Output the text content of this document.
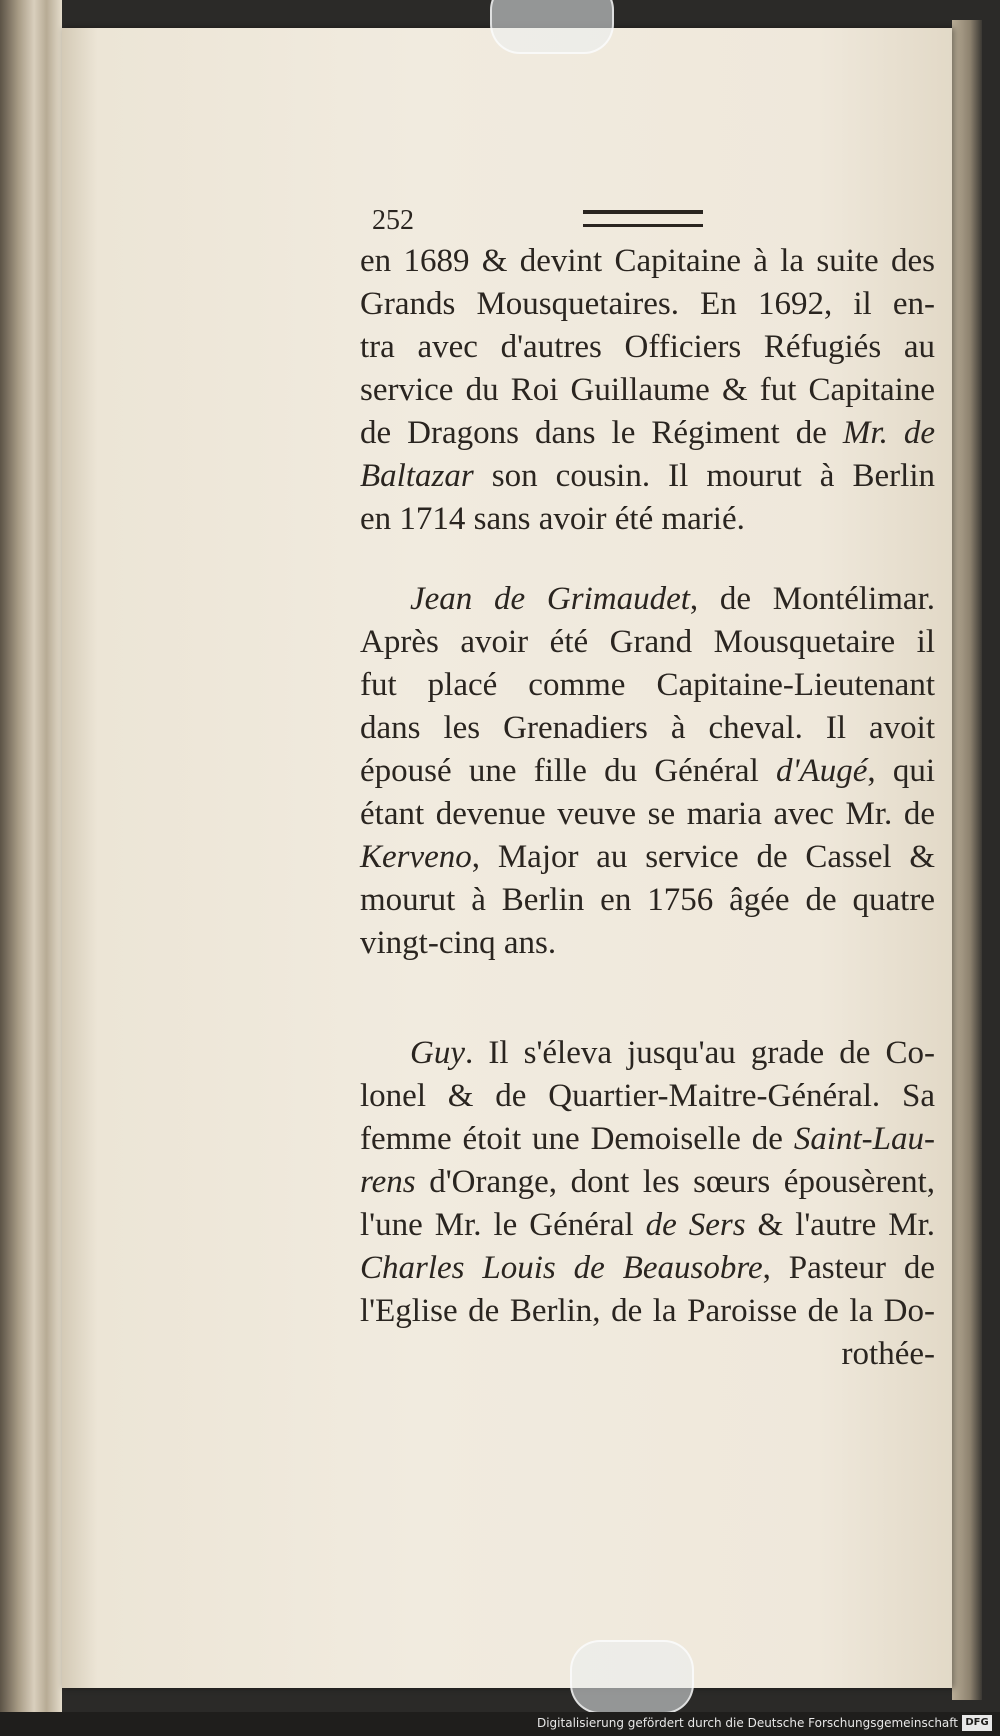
252
en 1689 & devint Capitaine à la suite des
Grands Mousquetaires. En 1692, il en-
tra avec d'autres Officiers Réfugiés au
service du Roi Guillaume & fut Capitaine
de Dragons dans le Régiment de Mr. de
Baltazar son cousin. Il mourut à Berlin
en 1714 sans avoir été marié.
Jean de Grimaudet, de Montélimar.
Après avoir été Grand Mousquetaire il
fut placé comme Capitaine-Lieutenant
dans les Grenadiers à cheval. Il avoit
épousé une fille du Général d'Augé, qui
étant devenue veuve se maria avec Mr. de
Kerveno, Major au service de Cassel &
mourut à Berlin en 1756 âgée de quatre
vingt-cinq ans.
Guy. Il s'éleva jusqu'au grade de Co-
lonel & de Quartier-Maitre-Général. Sa
femme étoit une Demoiselle de Saint-Lau-
rens d'Orange, dont les sœurs épousèrent,
l'une Mr. le Général de Sers & l'autre Mr.
Charles Louis de Beausobre, Pasteur de
l'Eglise de Berlin, de la Paroisse de la Do-
rothée-
Digitalisierung gefördert durch die Deutsche Forschungsgemeinschaft DFG
